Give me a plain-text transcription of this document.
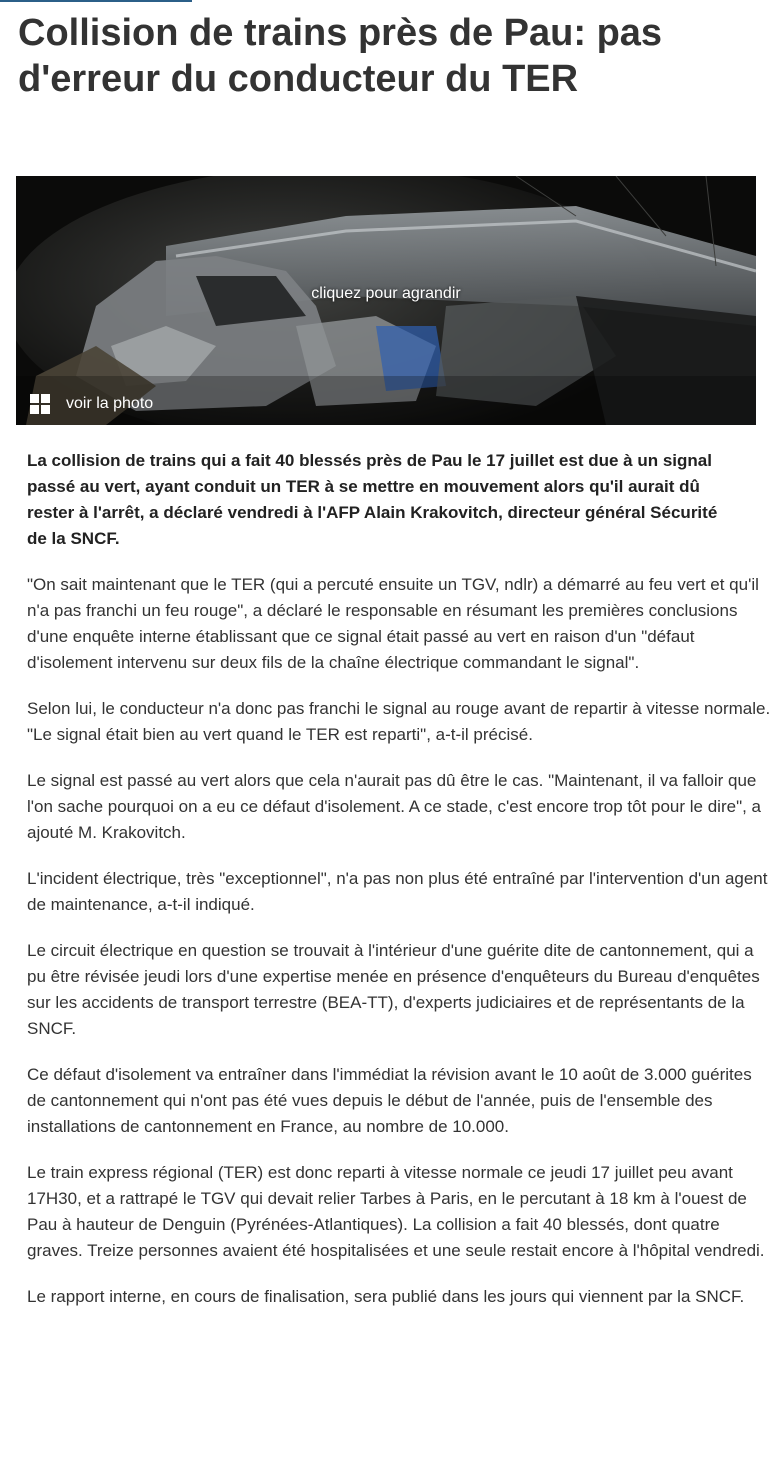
Collision de trains près de Pau: pas d'erreur du conducteur du TER
cliquez pour agrandir
voir la photo

La collision de trains qui a fait 40 blessés près de Pau le 17 juillet est due à un signal passé au vert, ayant conduit un TER à se mettre en mouvement alors qu'il aurait dû rester à l'arrêt, a déclaré vendredi à l'AFP Alain Krakovitch, directeur général Sécurité de la SNCF.

"On sait maintenant que le TER (qui a percuté ensuite un TGV, ndlr) a démarré au feu vert et qu'il n'a pas franchi un feu rouge", a déclaré le responsable en résumant les premières conclusions d'une enquête interne établissant que ce signal était passé au vert en raison d'un "défaut d'isolement intervenu sur deux fils de la chaîne électrique commandant le signal".

Selon lui, le conducteur n'a donc pas franchi le signal au rouge avant de repartir à vitesse normale. "Le signal était bien au vert quand le TER est reparti", a-t-il précisé.

Le signal est passé au vert alors que cela n'aurait pas dû être le cas. "Maintenant, il va falloir que l'on sache pourquoi on a eu ce défaut d'isolement. A ce stade, c'est encore trop tôt pour le dire", a ajouté M. Krakovitch.

L'incident électrique, très "exceptionnel", n'a pas non plus été entraîné par l'intervention d'un agent de maintenance, a-t-il indiqué.

Le circuit électrique en question se trouvait à l'intérieur d'une guérite dite de cantonnement, qui a pu être révisée jeudi lors d'une expertise menée en présence d'enquêteurs du Bureau d'enquêtes sur les accidents de transport terrestre (BEA-TT), d'experts judiciaires et de représentants de la SNCF.

Ce défaut d'isolement va entraîner dans l'immédiat la révision avant le 10 août de 3.000 guérites de cantonnement qui n'ont pas été vues depuis le début de l'année, puis de l'ensemble des installations de cantonnement en France, au nombre de 10.000.

Le train express régional (TER) est donc reparti à vitesse normale ce jeudi 17 juillet peu avant 17H30, et a rattrapé le TGV qui devait relier Tarbes à Paris, en le percutant à 18 km à l'ouest de Pau à hauteur de Denguin (Pyrénées-Atlantiques). La collision a fait 40 blessés, dont quatre graves. Treize personnes avaient été hospitalisées et une seule restait encore à l'hôpital vendredi.

Le rapport interne, en cours de finalisation, sera publié dans les jours qui viennent par la SNCF.
